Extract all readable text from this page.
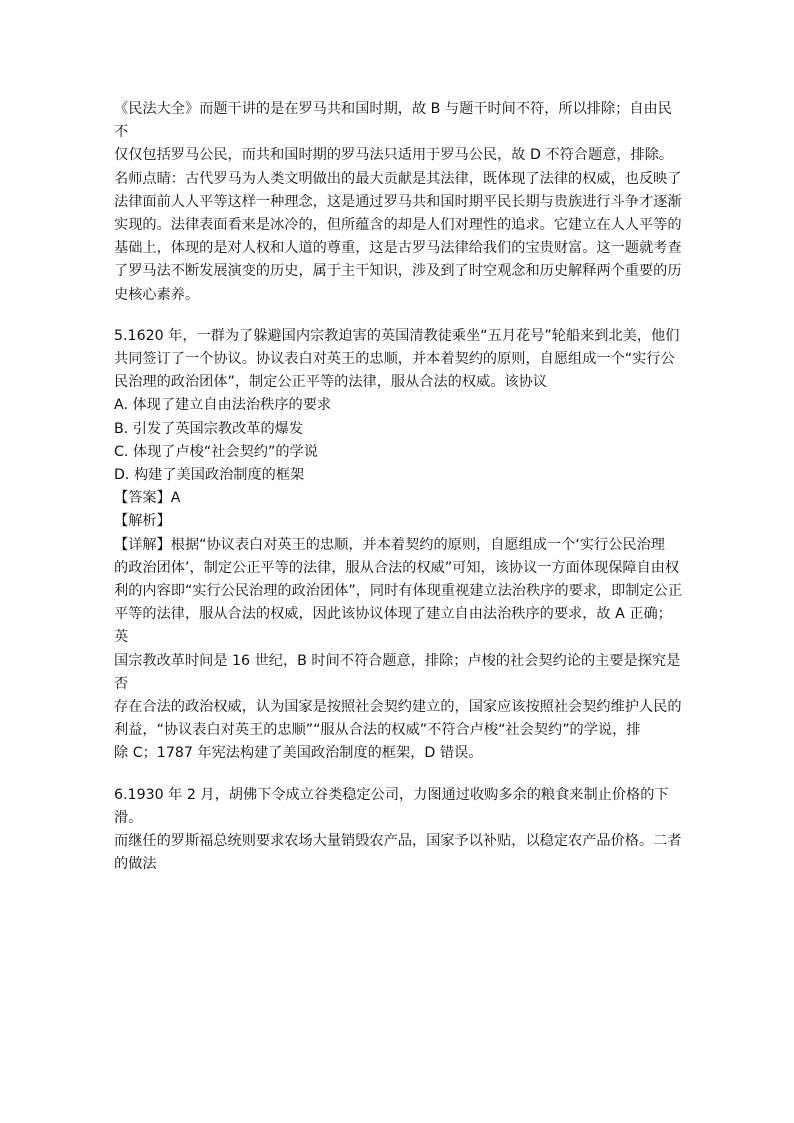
《民法大全》而题干讲的是在罗马共和国时期，故 B 与题干时间不符，所以排除；自由民不

仅仅包括罗马公民，而共和国时期的罗马法只适用于罗马公民，故 D 不符合题意，排除。

名师点睛：古代罗马为人类文明做出的最大贡献是其法律，既体现了法律的权威，也反映了

法律面前人人平等这样一种理念，这是通过罗马共和国时期平民长期与贵族进行斗争才逐渐

实现的。法律表面看来是冰冷的，但所蕴含的却是人们对理性的追求。它建立在人人平等的

基础上，体现的是对人权和人道的尊重，这是古罗马法律给我们的宝贵财富。这一题就考查

了罗马法不断发展演变的历史，属于主干知识，涉及到了时空观念和历史解释两个重要的历

史核心素养。

5.1620 年，一群为了躲避国内宗教迫害的英国清教徒乘坐“五月花号”轮船来到北美，他们

共同签订了一个协议。协议表白对英王的忠顺，并本着契约的原则，自愿组成一个“实行公

民治理的政治团体”，制定公正平等的法律，服从合法的权威。该协议

A. 体现了建立自由法治秩序的要求

B. 引发了英国宗教改革的爆发

C. 体现了卢梭“社会契约”的学说

D. 构建了美国政治制度的框架

【答案】A

【解析】

【详解】根据“协议表白对英王的忠顺，并本着契约的原则，自愿组成一个‘实行公民治理

的政治团体’，制定公正平等的法律，服从合法的权威”可知，该协议一方面体现保障自由权

利的内容即“实行公民治理的政治团体”，同时有体现重视建立法治秩序的要求，即制定公正

平等的法律，服从合法的权威，因此该协议体现了建立自由法治秩序的要求，故 A 正确；英

国宗教改革时间是 16 世纪，B 时间不符合题意，排除；卢梭的社会契约论的主要是探究是否

存在合法的政治权威，认为国家是按照社会契约建立的，国家应该按照社会契约维护人民的

利益，“协议表白对英王的忠顺”“服从合法的权威”不符合卢梭“社会契约”的学说，排

除 C；1787 年宪法构建了美国政治制度的框架，D 错误。

6.1930 年 2 月，胡佛下令成立谷类稳定公司，力图通过收购多余的粮食来制止价格的下滑。

而继任的罗斯福总统则要求农场大量销毁农产品，国家予以补贴，以稳定农产品价格。二者

的做法
